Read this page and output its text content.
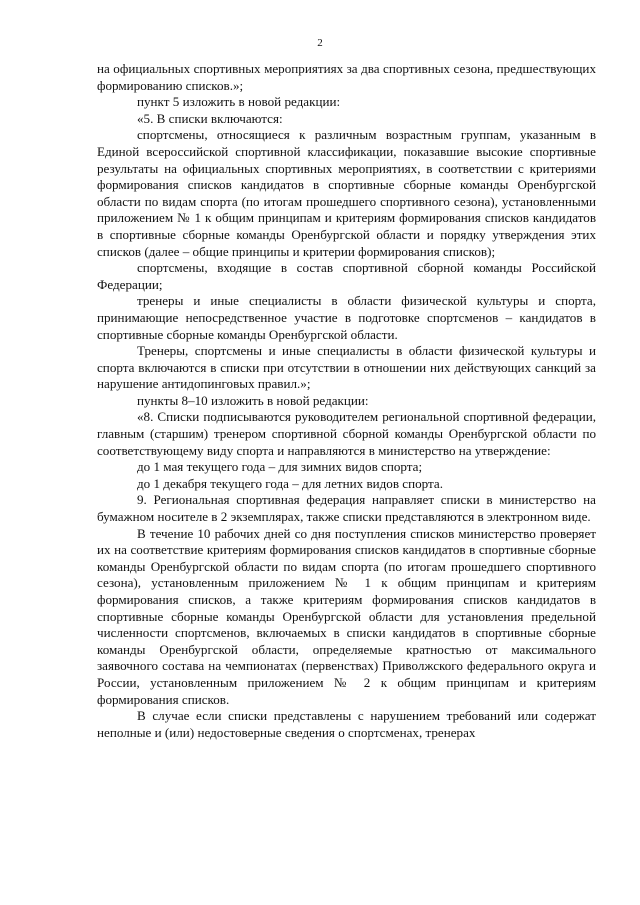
2

на официальных спортивных мероприятиях за два спортивных сезона, предшествующих формированию списков.»;

пункт 5 изложить в новой редакции:

«5. В списки включаются:

спортсмены, относящиеся к различным возрастным группам, указанным в Единой всероссийской спортивной классификации, показавшие высокие спортивные результаты на официальных спортивных мероприятиях, в соответствии с критериями формирования списков кандидатов в спортивные сборные команды Оренбургской области по видам спорта (по итогам прошедшего спортивного сезона), установленными приложением № 1 к общим принципам и критериям формирования списков кандидатов в спортивные сборные команды Оренбургской области и порядку утверждения этих списков (далее – общие принципы и критерии формирования списков);

спортсмены, входящие в состав спортивной сборной команды Российской Федерации;

тренеры и иные специалисты в области физической культуры и спорта, принимающие непосредственное участие в подготовке спортсменов – кандидатов в спортивные сборные команды Оренбургской области.

Тренеры, спортсмены и иные специалисты в области физической культуры и спорта включаются в списки при отсутствии в отношении них действующих санкций за нарушение антидопинговых правил.»;

пункты 8–10 изложить в новой редакции:

«8. Списки подписываются руководителем региональной спортивной федерации, главным (старшим) тренером спортивной сборной команды Оренбургской области по соответствующему виду спорта и направляются в министерство на утверждение:

до 1 мая текущего года – для зимних видов спорта;

до 1 декабря текущего года – для летних видов спорта.

9. Региональная спортивная федерация направляет списки в министерство на бумажном носителе в 2 экземплярах, также списки представляются в электронном виде.

В течение 10 рабочих дней со дня поступления списков министерство проверяет их на соответствие критериям формирования списков кандидатов в спортивные сборные команды Оренбургской области по видам спорта (по итогам прошедшего спортивного сезона), установленным приложением № 1 к общим принципам и критериям формирования списков, а также критериям формирования списков кандидатов в спортивные сборные команды Оренбургской области для установления предельной численности спортсменов, включаемых в списки кандидатов в спортивные сборные команды Оренбургской области, определяемые кратностью от максимального заявочного состава на чемпионатах (первенствах) Приволжского федерального округа и России, установленным приложением № 2 к общим принципам и критериям формирования списков.

В случае если списки представлены с нарушением требований или содержат неполные и (или) недостоверные сведения о спортсменах, тренерах
